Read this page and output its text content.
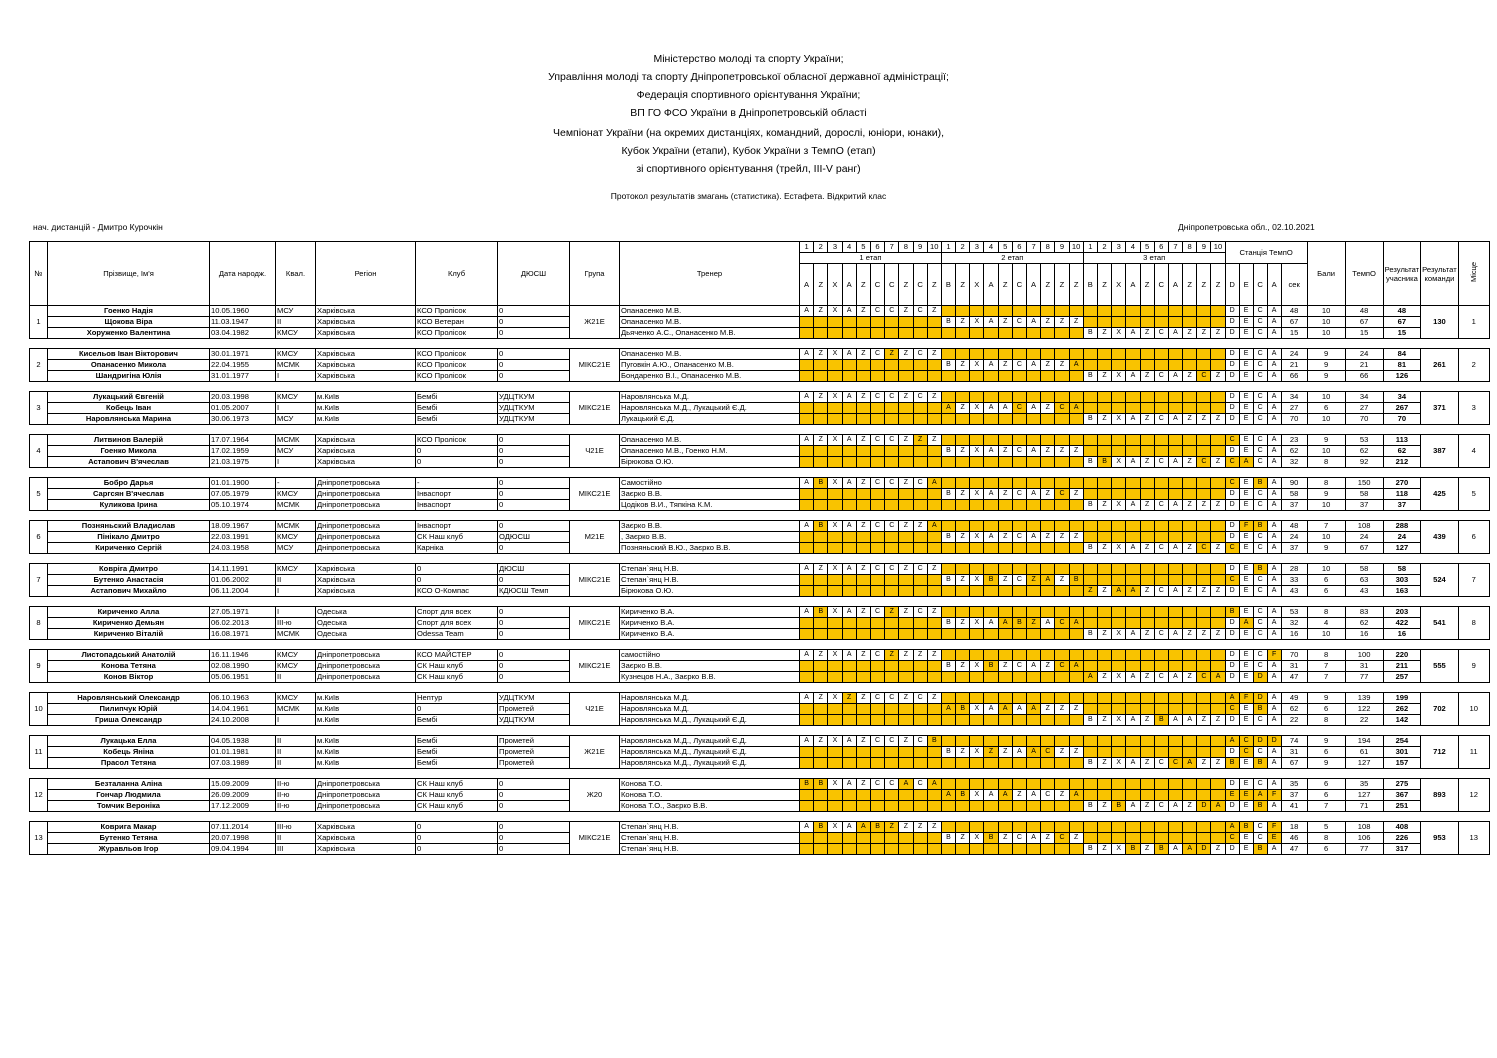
Міністерство молоді та спорту України;
Управління молоді та спорту Дніпропетровської обласної державної адміністрації;
Федерація спортивного орієнтування України;
ВП ГО ФСО України в Дніпропетровській області
Чемпіонат України (на окремих дистанціях, командний, дорослі, юніори, юнаки),
Кубок України (етапи), Кубок України з ТемпО (етап)
зі спортивного орієнтування (трейл, ІІІ-V ранг)
Протокол результатів змагань (статистика). Естафета. Відкритий клас
нач. дистанцій - Дмитро Курочкін	Дніпропетровська обл., 02.10.2021
№	Прізвище, Ім'я	Дата народж.	Квал.	Регіон	Клуб	ДЮСШ	Група	Тренер	1	2	3	4	5	6	7	8	9	10	1	2	3	4	5	6	7	8	9	10	1	2	3	4	5	6	7	8	9	10	Станція ТемпО					Бали	ТемпО	Результат учасника	Результат команди	Місце
									1 етап										2 етап										3 етап																			
									A	Z	X	A	Z	C	C	Z	C	Z	B	Z	X	A	Z	C	A	Z	Z	Z	B	Z	X	A	Z	C	A	Z	Z	Z	D	E	C	A	сек					
1	Гоенко Надія	10.05.1960	МСУ	Харківська	КСО Пролісок	0	Ж21Е	Опанасенко М.В.	A	Z	X	A	Z	C	C	Z	C	Z																					D	E	C	A	48	10	48	48	130	1
	Щокова Віра	11.03.1947	ІІ	Харківська	КСО Ветеран	0		Опанасенко М.В.											B	Z	X	A	Z	C	A	Z	Z	Z											D	E	C	A	67	10	67	67		
	Хоруженко Валентина	03.04.1982	КМСУ	Харківська	КСО Пролісок	0		Дьяченко А.С., Опанасенко М.В.																					B	Z	X	A	Z	C	A	Z	Z	Z	D	E	C	A	15	10	15	15		

2	Кисельов Іван Вікторович	30.01.1971	КМСУ	Харківська	КСО Пролісок	0	МІКС21Е	Опанасенко М.В.	A	Z	X	A	Z	C	Z	Z	C	Z																					D	E	C	A	24	9	24	84	261	2
	Опанасенко Микола	22.04.1955	МСМК	Харківська	КСО Пролісок	0		Пуговкін А.Ю., Опанасенко М.В.											B	Z	X	A	Z	C	A	Z	Z	A											D	E	C	A	21	9	21	81		
	Шандригіна Юлія	31.01.1977	І	Харківська	КСО Пролісок	0		Бондаренко В.І., Опанасенко М.В.																					B	Z	X	A	Z	C	A	Z	C	Z	D	E	C	A	66	9	66	126		

3	Лукацький Євгеній	20.03.1998	КМСУ	м.Київ	Бембі	УДЦТКУМ	МІКС21Е	Наровлянська М.Д.	A	Z	X	A	Z	C	C	Z	C	Z																					D	E	C	A	34	10	34	34	371	3
	Кобець Іван	01.05.2007	І	м.Київ	Бембі	УДЦТКУМ		Наровлянська М.Д., Лукацький Є.Д.											A	Z	X	A	A	C	A	Z	C	A											D	E	C	A	27	6	27	267		
	Наровлянська Марина	30.06.1973	МСУ	м.Київ	Бембі	УДЦТКУМ		Лукацький Є.Д.																					B	Z	X	A	Z	C	A	Z	Z	Z	D	E	C	A	70	10	70	70		

4	Литвинов Валерій	17.07.1964	МСМК	Харківська	КСО Пролісок	0	Ч21Е	Опанасенко М.В.	A	Z	X	A	Z	C	C	Z	Z	Z																					C	E	C	A	23	9	53	113	387	4
	Гоенко Микола	17.02.1959	МСУ	Харківська	0	0		Опанасенко М.В., Гоенко Н.М.											B	Z	X	A	Z	C	A	Z	Z	Z											D	E	C	A	62	10	62	62		
	Астапович В'ячеслав	21.03.1975	І	Харківська	0	0		Бірюкова О.Ю.																					B	B	X	A	Z	C	A	Z	C	Z	C	A	C	A	32	8	92	212		

5	Бобро Дарья	01.01.1900	-	Дніпропетровська	-	0	МІКС21Е	Самостійно	A	B	X	A	Z	C	C	Z	C	A																					C	E	B	A	90	8	150	270	425	5
	Саргсян В'ячеслав	07.05.1979	КМСУ	Дніпропетровська	Інваспорт	0		Заєрко В.В.											B	Z	X	A	Z	C	A	Z	C	Z											D	E	C	A	58	9	58	118		
	Куликова Ірина	05.10.1974	МСМК	Дніпропетровська	Інваспорт	0		Цодіков В.И., Тяпкіна К.М.																					B	Z	X	A	Z	C	A	Z	Z	Z	D	E	C	A	37	10	37	37		

6	Позняньский Владислав	18.09.1967	МСМК	Дніпропетровська	Інваспорт	0	М21Е	Заєрко В.В.	A	B	X	A	Z	C	C	Z	Z	A																					D	F	B	A	48	7	108	288	439	6
	Пінікало Дмитро	22.03.1991	КМСУ	Дніпропетровська	СК Наш клуб	ОДЮСШ		, Заєрко В.В.											B	Z	X	A	Z	C	A	Z	Z	Z											D	E	C	A	24	10	24	24		
	Кириченко Сергій	24.03.1958	МСУ	Дніпропетровська	Карніка	0		Позняньский В.Ю., Заєрко В.В.																					B	Z	X	A	Z	C	A	Z	C	Z	C	E	C	A	37	9	67	127		

7	Ковріга Дмитро	14.11.1991	КМСУ	Харківська	0	ДЮСШ	МІКС21Е	Степан`янц Н.В.	A	Z	X	A	Z	C	C	Z	C	Z																					D	E	B	A	28	10	58	58	524	7
	Бутенко Анастасія	01.06.2002	ІІ	Харківська	0	0		Степан`янц Н.В.											B	Z	X	B	Z	C	Z	A	Z	B											C	E	C	A	33	6	63	303		
	Астапович Михайло	06.11.2004	І	Харківська	КСО О-Компас	КДЮСШ Темп		Бірюкова О.Ю.																					Z	Z	A	A	Z	C	A	Z	Z	Z	D	E	C	A	43	6	43	163		

8	Кириченко Алла	27.05.1971	І	Одеська	Спорт для всех	0	МІКС21Е	Кириченко В.А.	A	B	X	A	Z	C	Z	Z	C	Z																					B	E	C	A	53	8	83	203	541	8
	Кириченко Демьян	06.02.2013	ІІІ-ю	Одеська	Спорт для всех	0		Кириченко В.А.											B	Z	X	A	A	B	Z	A	C	A											D	A	C	A	32	4	62	422		
	Кириченко Віталій	16.08.1971	МСМК	Одеська	Odessa Team	0		Кириченко В.А.																					B	Z	X	A	Z	C	A	Z	Z	Z	D	E	C	A	16	10	16	16		

9	Листопадський Анатолій	16.11.1946	КМСУ	Дніпропетровська	КСО МАЙСТЕР	0	МІКС21Е	самостійно	A	Z	X	A	Z	C	Z	Z	Z	Z																					D	E	C	F	70	8	100	220	555	9
	Конова Тетяна	02.08.1990	КМСУ	Дніпропетровська	СК Наш клуб	0		Заєрко В.В.											B	Z	X	B	Z	C	A	Z	C	A											D	E	C	A	31	7	31	211		
	Конов Віктор	05.06.1951	ІІ	Дніпропетровська	СК Наш клуб	0		Кузнецов Н.А., Заєрко В.В.																					A	Z	X	A	Z	C	A	Z	C	A	D	E	D	A	47	7	77	257		

10	Наровлянський Олександр	06.10.1963	КМСУ	м.Київ	Нептур	УДЦТКУМ	Ч21Е	Наровлянська М.Д.	A	Z	X	Z	Z	C	C	Z	C	Z																					A	F	D	A	49	9	139	199	702	10
	Пилипчук Юрій	14.04.1961	МСМК	м.Київ	0	Прометей		Наровлянська М.Д.											A	B	X	A	A	A	A	Z	Z	Z											C	E	B	A	62	6	122	262		
	Гриша Олександр	24.10.2008	І	м.Київ	Бембі	УДЦТКУМ		Наровлянська М.Д., Лукацький Є.Д.																					B	Z	X	A	Z	B	A	A	Z	Z	D	E	C	A	22	8	22	142		

11	Лукацька Елла	04.05.1938	ІІ	м.Київ	Бембі	Прометей	Ж21Е	Наровлянська М.Д., Лукацький Є.Д.	A	Z	X	A	Z	C	C	Z	C	B																					A	C	D	D	74	9	194	254	712	11
	Кобець Яніна	01.01.1981	ІІ	м.Київ	Бембі	Прометей		Наровлянська М.Д., Лукацький Є.Д.											B	Z	X	Z	Z	A	A	C	Z	Z											D	C	C	A	31	6	61	301		
	Прасол Тетяна	07.03.1989	ІІ	м.Київ	Бембі	Прометей		Наровлянська М.Д., Лукацький Є.Д.																					B	Z	X	A	Z	C	C	A	Z	Z	B	E	B	A	67	9	127	157		

12	Безталанна Аліна	15.09.2009	ІІ-ю	Дніпропетровська	СК Наш клуб	0	Ж20	Конова Т.О.	B	B	X	A	Z	C	C	A	C	A																					D	E	C	A	35	6	35	275	893	12
	Гончар Людмила	26.09.2009	ІІ-ю	Дніпропетровська	СК Наш клуб	0		Конова Т.О.											A	B	X	A	A	Z	A	C	Z	A											E	E	A	F	37	6	127	367		
	Томчик Вероніка	17.12.2009	ІІ-ю	Дніпропетровська	СК Наш клуб	0		Конова Т.О., Заєрко В.В.																					B	Z	B	A	Z	C	A	Z	D	A	D	E	B	A	41	7	71	251		

13	Коврига Макар	07.11.2014	ІІІ-ю	Харківська	0	0	МІКС21Е	Степан`янц Н.В.	A	B	X	A	A	B	Z	Z	Z	Z																					A	B	C	F	18	5	108	408	953	13
	Бутенко Тетяна	20.07.1998	ІІ	Харківська	0	0		Степан`янц Н.В.											B	Z	X	B	Z	C	A	Z	C	Z											C	E	C	E	46	8	106	226		
	Журавльов Ігор	09.04.1994	ІІІ	Харківська	0	0		Степан`янц Н.В.																					B	Z	X	B	Z	B	A	A	D	Z	D	E	B	A	47	6	77	317		
